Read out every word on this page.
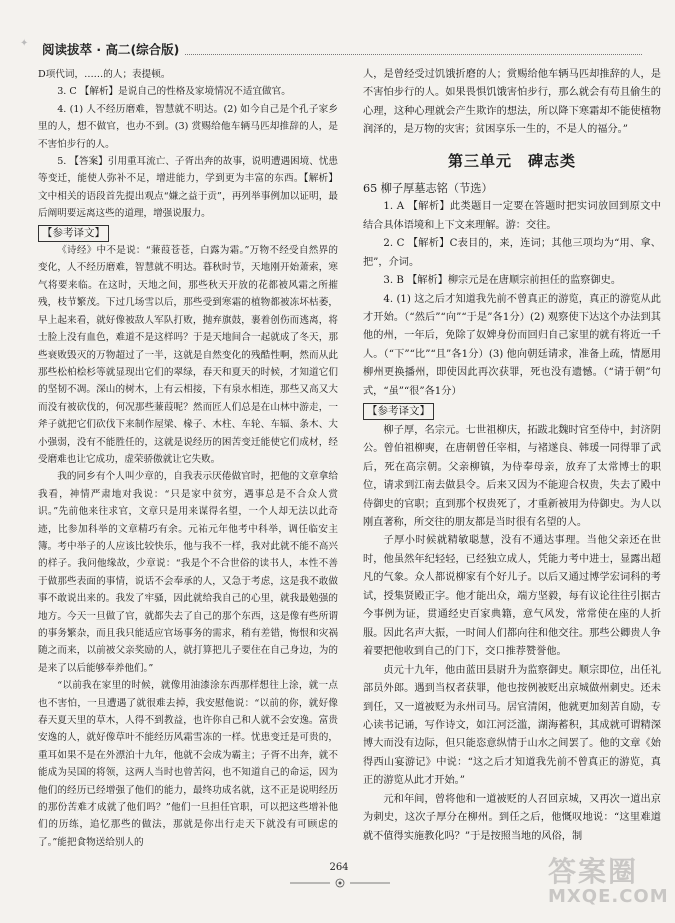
✦ 阅读拔萃 · 高二(综合版)

D项代词，……的人；表提顿。

3. C 【解析】是说自己的性格及家境情况不适宜做官。

4. (1) 人不经历磨难，智慧就不明达。(2) 如今自己是个孔子家乡里的人，想不做官，也办不到。(3) 赏赐给他车辆马匹却推辞的人，是不害怕步行的人。

5. 【答案】引用重耳流亡、子胥出奔的故事，说明遭遇困境、忧患等变迁，能使人弥补不足，增进能力，学到更为丰富的东西。【解析】文中相关的语段首先提出观点“嫌之益于贡”，再列举事例加以证明，最后阐明要远离这些的道理，增强说服力。

【参考译文】

《诗经》中不是说：“蒹葭苍苍，白露为霜。”万物不经受自然界的变化，人不经历磨难，智慧就不明达。暮秋时节，天地刚开始萧索，寒气将要来临。在这时，天地之间，那些秋天开放的花都被风霜之所摧残，枝节繁茂。下过几场雪以后，那些受到寒霜的植物都被冻坏枯萎，早上起来看，就好像被敌人军队打败，抛弃旗鼓，裹着创伤而逃离，将士脸上没有血色，难道不是这样吗？于是天地间合一起就成了冬天，那些衰败毁灭的万物超过了一半，这就是自然变化的残酷性啊，然而从此那些松柏桧杉等就显现出它们的翠绿，春天和夏天的时候，才知道它们的坚韧不凋。深山的树木，上有云相接，下有泉水相连，那些又高又大而没有被砍伐的，何况那些蒹葭呢？然而匠人们总是在山林中游走，一斧子就把它们砍伐下来制作屋梁、椽子、木柱、车轮、车辐、条木、大小强弱，没有不能胜任的，这就是说经历的困苦变迁能使它们成材，经受磨难也让它成功，虚荣骄傲就让它失败。

我的同乡有个人叫少章的，自我表示厌倦做官时，把他的文章拿给我看，神情严肃地对我说：“只是家中贫穷，遇事总是不合众人赏识。”先前他来往求官，文章只是用来谋得名望，一个人却无法以此奇迹，比参加科举的文章精巧有余。元祐元年他考中科举，调任临安主簿。考中举子的人应该比较快乐，他与我不一样，我对此就不能不高兴的样子。我问他缘故，少章说：“我是个不合世俗的读书人，本性不善于做那些表面的事情，说话不会奉承的人，又急于考虑，这是我不敢做事不敢说出来的。我发了牢骚，因此就给我自己的心里，就我最勉强的地方。今天一旦做了官，就都失去了自己的那个东西，这是像有些所谓的事务繁杂，而且我只能适应官场事务的需求，稍有差错，悔恨和灾祸随之而来，以前被父亲奖励的人，就打算把儿子要住在自己身边，为的是来了以后能够奉养他们。”

“以前我在家里的时候，就像用油漆涂东西那样想往上涂，就一点也不害怕，一旦遭遇了就很难去掉，我安慰他说：“以前的你，就好像春天夏天里的草木，人得不到教益，也许你自己和人就不会安逸。富贵安逸的人，就好像草叶不能经历风霜雪冻的一样。忧患变迁是可贵的，重耳如果不是在外漂泊十九年，他就不会成为霸主；子胥不出奔，就不能成为吴国的将领，这两人当时也曾苦闷，也不知道自己的命运，因为他们的经历已经增强了他们的能力，最终功成名就，这不正是说明经历的那份苦难才成就了他们吗？”他们一旦担任官职，可以把这些增补他们的历练，追忆那些的做法，那就是你出行走天下就没有可顾虑的了。”能把食物送给别人的

人，是曾经受过饥饿折磨的人；赏赐给他车辆马匹却推辞的人，是不害怕步行的人。如果畏惧饥饿害怕步行，那么就会有苟且偷生的心理，这种心理就会产生欺诈的想法，所以降下寒霜却不能使植物润泽的，是万物的灾害；贫困享乐一生的，不是人的福分。”

第三单元　碑志类

65 柳子厚墓志铭（节选）

1. A 【解析】此类题目一定要在答题时把实词放回到原文中结合具体语境和上下文来理解。游：交往。

2. C 【解析】C表目的，来，连词；其他三项均为“用、拿、把”，介词。

3. B 【解析】柳宗元是在唐顺宗前担任的监察御史。

4. (1) 这之后才知道我先前不曾真正的游览，真正的游览从此才开始。（“然后”“向”“于是”各1分）(2) 观察使下达这个办法到其他的州，一年后，免除了奴婢身份而回归自己家里的就有将近一千人。（“下”“比”“且”各1分）(3) 他向朝廷请求，准备上疏，情愿用柳州更换播州，即使因此再次获罪，死也没有遗憾。（“请于朝”句式，“虽”“很”各1分）

【参考译文】

柳子厚，名宗元。七世祖柳庆，拓跋北魏时官至侍中，封济阴公。曾伯祖柳奭，在唐朝曾任宰相，与褚遂良、韩瑗一同得罪了武后，死在高宗朝。父亲柳镇，为侍奉母亲，放弃了太常博士的职位，请求到江南去做县令。后来又因为不能迎合权贵，失去了殿中侍御史的官职；直到那个权贵死了，才重新被用为侍御史。为人以刚直著称，所交往的朋友都是当时很有名望的人。

子厚小时候就精敏聪慧，没有不通达事理。当他父亲还在世时，他虽然年纪轻轻，已经独立成人，凭能力考中进士，显露出超凡的气象。众人都说柳家有个好儿子。以后又通过博学宏词科的考试，授集贤殿正字。他才能出众，端方坚毅，每有议论往往引据古今事例为证，贯通经史百家典籍，意气风发，常常使在座的人折服。因此名声大振，一时间人们都向往和他交往。那些公卿贵人争着要把他收到自己的门下，交口推荐赞誉他。

贞元十九年，他由蓝田县尉升为监察御史。顺宗即位，出任礼部员外郎。遇到当权者获罪，他也按例被贬出京城做州刺史。还未到任，又一道被贬为永州司马。居官清闲，他就更加刻苦自励，专心读书记诵，写作诗文，如江河泛滥，湖海蓄积，其成就可谓精深博大而没有边际，但只能恣意纵情于山水之间罢了。他的文章《始得西山宴游记》中说：“这之后才知道我先前不曾真正的游览，真正的游览从此才开始。”

元和年间，曾将他和一道被贬的人召回京城，又再次一道出京为刺史，这次子厚分在柳州。到任之后，他慨叹地说：“这里难道就不值得实施教化吗？”于是按照当地的风俗，制

264	答案圈
MXQE.COM
